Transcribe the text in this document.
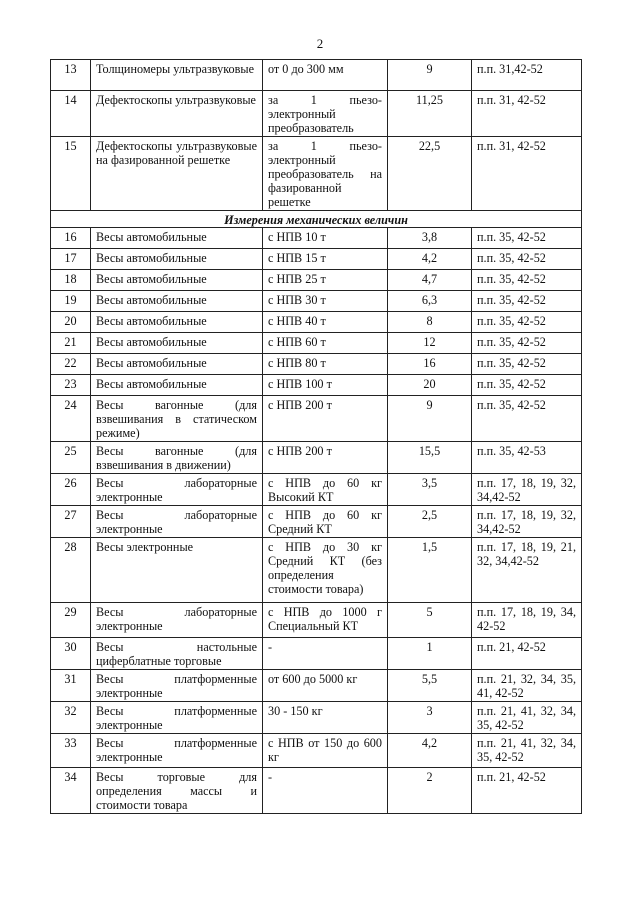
2
13	Толщиномеры ультразвуковые	от 0 до 300 мм	9	п.п. 31,42-52
14	Дефектоскопы ультразвуковые	за 1 пьезо-электронный преобразователь	11,25	п.п. 31, 42-52
15	Дефектоскопы ультразвуковые на фазированной решетке	за 1 пьезо-электронный преобразователь на фазированной решетке	22,5	п.п. 31, 42-52
Измерения механических величин				
16	Весы автомобильные	с НПВ 10 т	3,8	п.п. 35, 42-52
17	Весы автомобильные	с НПВ 15 т	4,2	п.п. 35, 42-52
18	Весы автомобильные	с НПВ 25 т	4,7	п.п. 35, 42-52
19	Весы автомобильные	с НПВ 30 т	6,3	п.п. 35, 42-52
20	Весы автомобильные	с НПВ 40 т	8	п.п. 35, 42-52
21	Весы автомобильные	с НПВ 60 т	12	п.п. 35, 42-52
22	Весы автомобильные	с НПВ 80 т	16	п.п. 35, 42-52
23	Весы автомобильные	с НПВ 100 т	20	п.п. 35, 42-52
24	Весы вагонные (для взвешивания в статическом режиме)	с НПВ 200 т	9	п.п. 35, 42-52
25	Весы вагонные (для взвешивания в движении)	с НПВ 200 т	15,5	п.п. 35, 42-53
26	Весы лабораторные электронные	с НПВ до 60 кг Высокий КТ	3,5	п.п. 17, 18, 19, 32, 34,42-52
27	Весы лабораторные электронные	с НПВ до 60 кг Средний КТ	2,5	п.п. 17, 18, 19, 32, 34,42-52
28	Весы электронные	с НПВ до 30 кг Средний КТ (без определения стоимости товара)	1,5	п.п. 17, 18, 19, 21, 32, 34,42-52
29	Весы лабораторные электронные	с НПВ до 1000 г Специальный КТ	5	п.п. 17, 18, 19, 34, 42-52
30	Весы настольные циферблатные торговые	-	1	п.п. 21, 42-52
31	Весы платформенные электронные	от 600 до 5000 кг	5,5	п.п. 21, 32, 34, 35, 41, 42-52
32	Весы платформенные электронные	30 - 150 кг	3	п.п. 21, 41, 32, 34, 35, 42-52
33	Весы платформенные электронные	с НПВ от 150 до 600 кг	4,2	п.п. 21, 41, 32, 34, 35, 42-52
34	Весы торговые для определения массы и стоимости товара	-	2	п.п. 21, 42-52
